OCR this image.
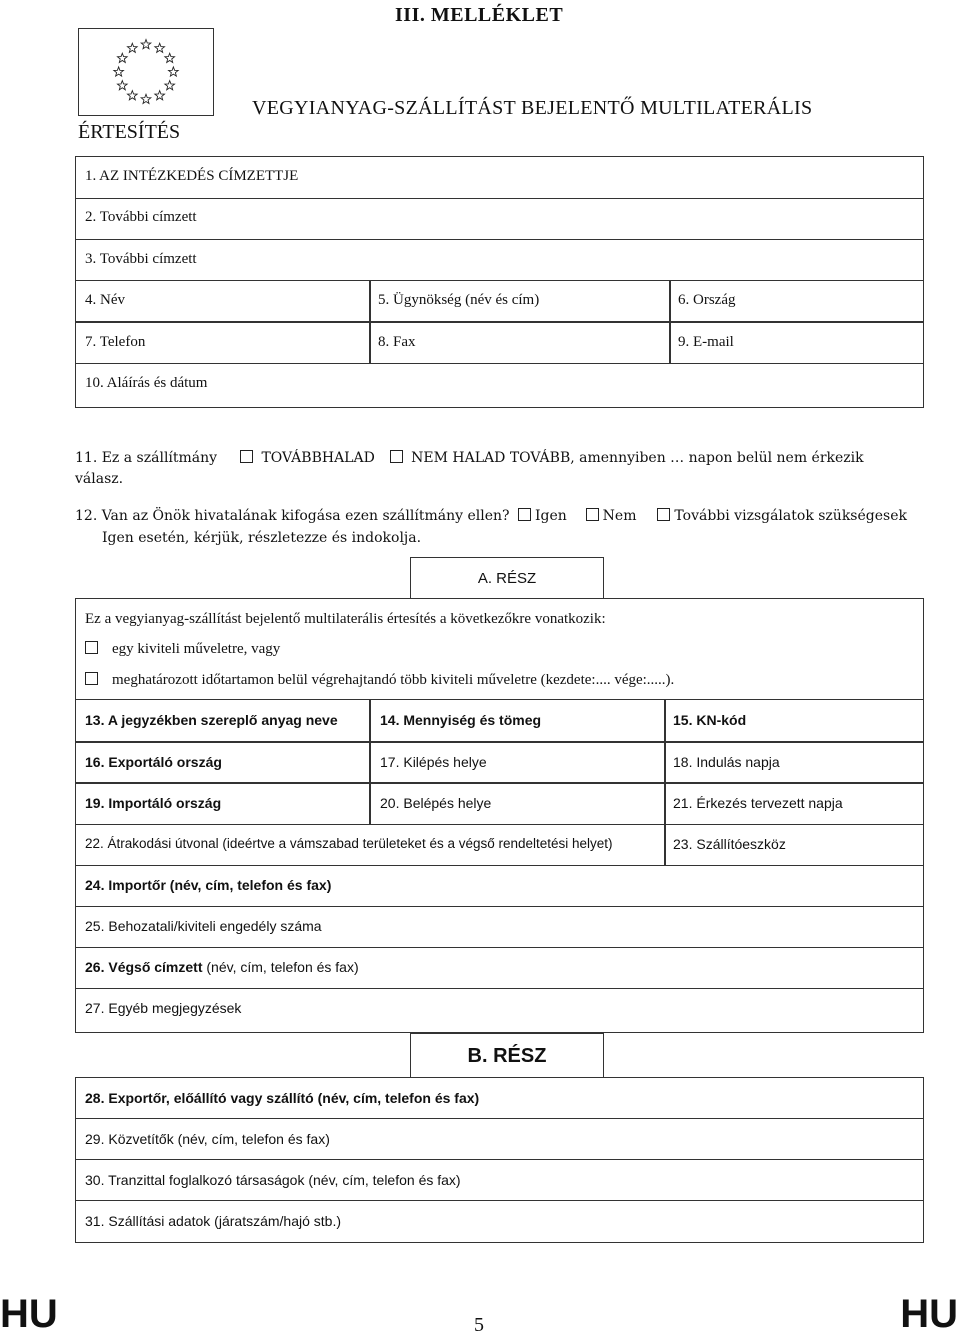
III. MELLÉKLET
VEGYIANYAG-SZÁLLÍTÁST BEJELENTŐ MULTILATERÁLIS
ÉRTESÍTÉS
1. AZ INTÉZKEDÉS CÍMZETTJE
2. További címzett
3. További címzett
4. Név	5. Ügynökség (név és cím)	6. Ország
7. Telefon	8. Fax	9. E-mail
10. Aláírás és dátum
11. Ez a szállítmány	TOVÁBBHALAD	NEM HALAD TOVÁBB, amennyiben … napon belül nem érkezik
válasz.
12. Van az Önök hivatalának kifogása ezen szállítmány ellen? Igen	Nem	További vizsgálatok szükségesek
Igen esetén, kérjük, részletezze és indokolja.
A. RÉSZ
Ez a vegyianyag-szállítást bejelentő multilaterális értesítés a következőkre vonatkozik:
egy kiviteli műveletre, vagy
meghatározott időtartamon belül végrehajtandó több kiviteli műveletre (kezdete:.... vége:.....).
13. A jegyzékben szereplő anyag neve	14. Mennyiség és tömeg	15. KN-kód
16. Exportáló ország	17. Kilépés helye	18. Indulás napja
19. Importáló ország	20. Belépés helye	21. Érkezés tervezett napja
22. Átrakodási útvonal (ideértve a vámszabad területeket és a végső rendeltetési helyet)	23. Szállítóeszköz
24. Importőr (név, cím, telefon és fax)
25. Behozatali/kiviteli engedély száma
26. Végső címzett (név, cím, telefon és fax)
27. Egyéb megjegyzések
B. RÉSZ
28. Exportőr, előállító vagy szállító (név, cím, telefon és fax)
29. Közvetítők (név, cím, telefon és fax)
30. Tranzittal foglalkozó társaságok (név, cím, telefon és fax)
31. Szállítási adatok (járatszám/hajó stb.)
HU	5	HU
